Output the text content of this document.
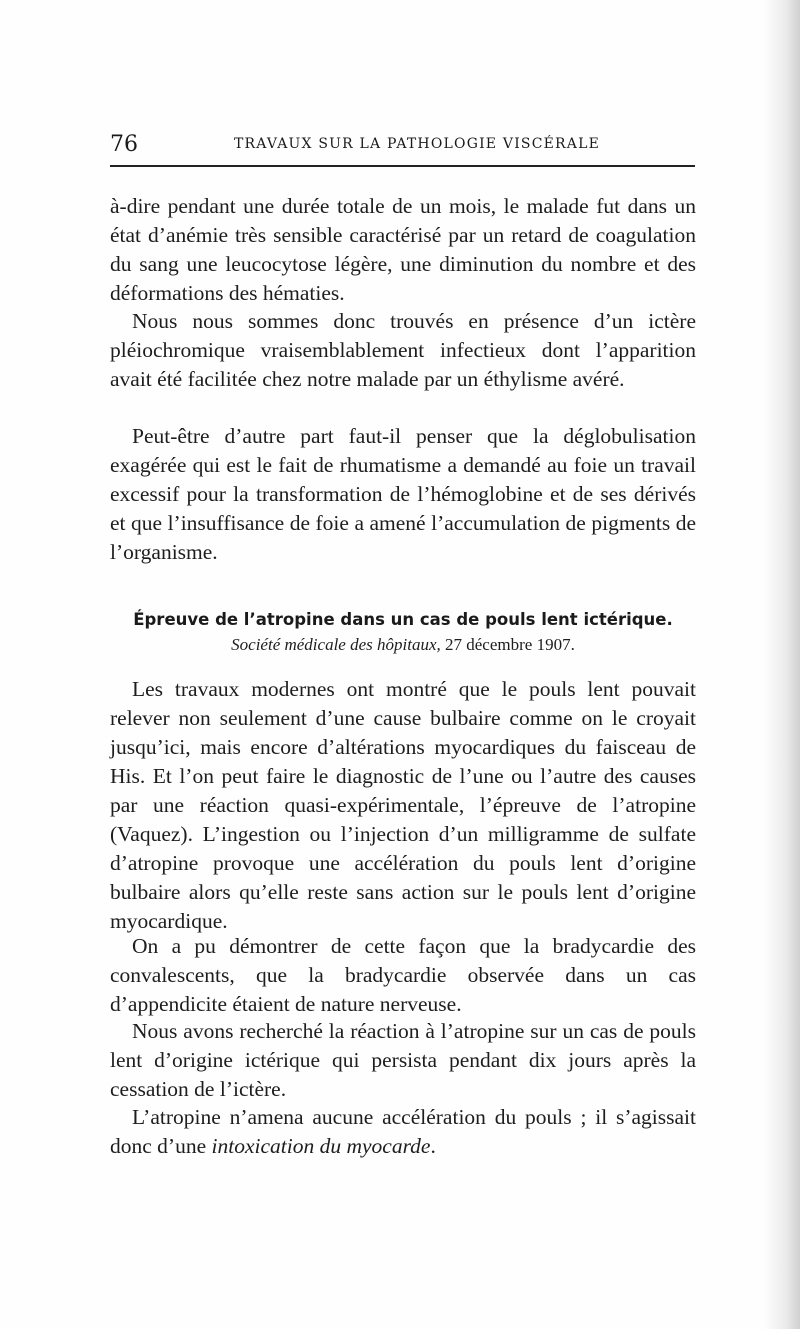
76	TRAVAUX SUR LA PATHOLOGIE VISCÉRALE

à-dire pendant une durée totale de un mois, le malade fut dans un état d’anémie très sensible caractérisé par un retard de coagulation du sang une leucocytose légère, une diminution du nombre et des déformations des hématies.

Nous nous sommes donc trouvés en présence d’un ictère pléiochromique vraisemblablement infectieux dont l’apparition avait été facilitée chez notre malade par un éthylisme avéré.

Peut-être d’autre part faut-il penser que la déglobulisation exagérée qui est le fait de rhumatisme a demandé au foie un travail excessif pour la transformation de l’hémoglobine et de ses dérivés et que l’insuffisance de foie a amené l’accumulation de pigments de l’organisme.

Épreuve de l’atropine dans un cas de pouls lent ictérique.
Société médicale des hôpitaux, 27 décembre 1907.

Les travaux modernes ont montré que le pouls lent pouvait relever non seulement d’une cause bulbaire comme on le croyait jusqu’ici, mais encore d’altérations myocardiques du faisceau de His. Et l’on peut faire le diagnostic de l’une ou l’autre des causes par une réaction quasi-expérimentale, l’épreuve de l’atropine (Vaquez). L’ingestion ou l’injection d’un milligramme de sulfate d’atropine provoque une accélération du pouls lent d’origine bulbaire alors qu’elle reste sans action sur le pouls lent d’origine myocardique.

On a pu démontrer de cette façon que la bradycardie des convalescents, que la bradycardie observée dans un cas d’appendicite étaient de nature nerveuse.

Nous avons recherché la réaction à l’atropine sur un cas de pouls lent d’origine ictérique qui persista pendant dix jours après la cessation de l’ictère.

L’atropine n’amena aucune accélération du pouls ; il s’agissait donc d’une intoxication du myocarde.
